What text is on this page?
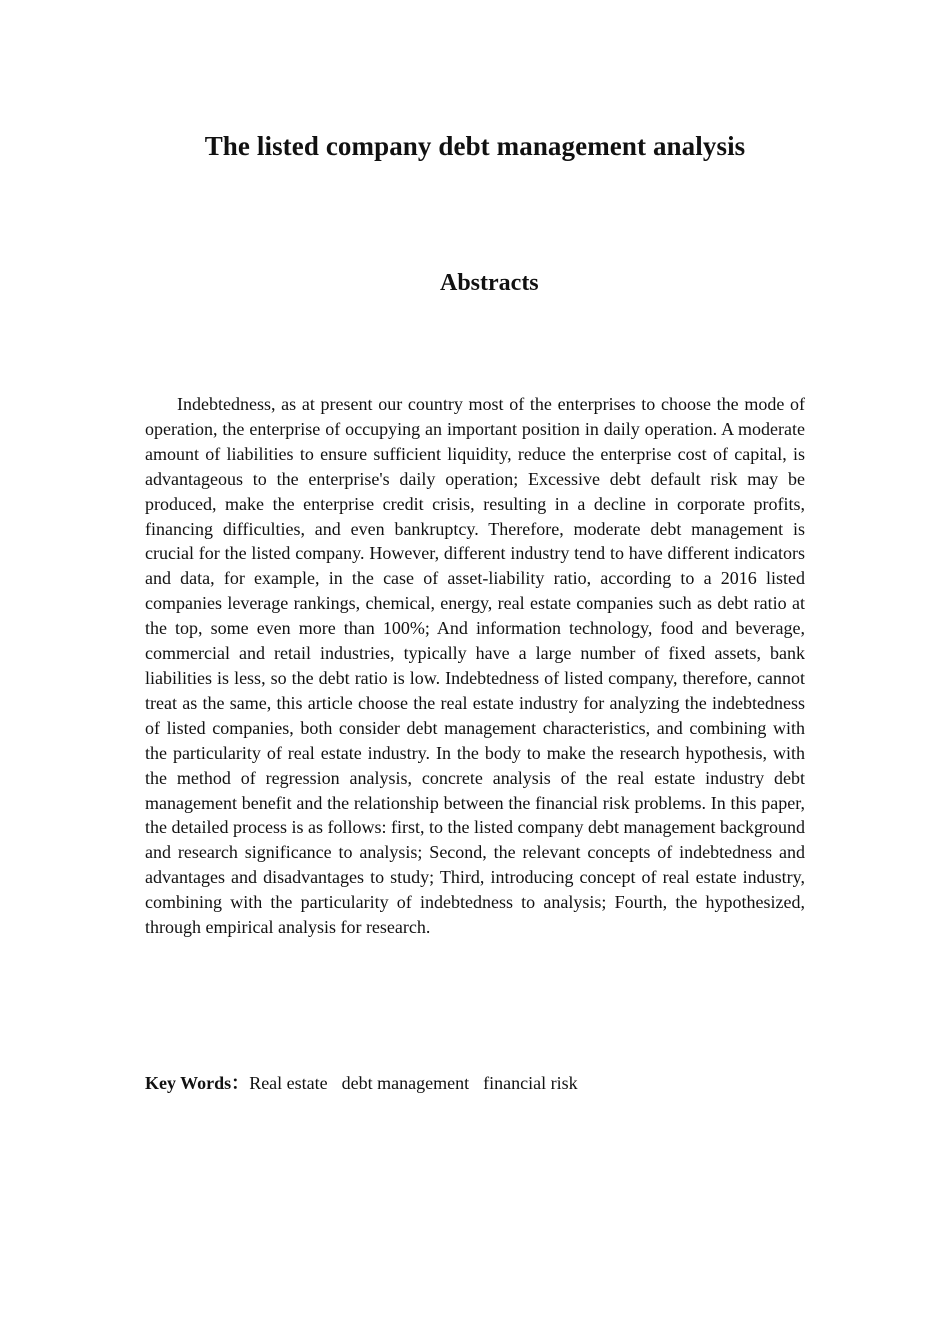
The listed company debt management analysis
Abstracts

Indebtedness, as at present our country most of the enterprises to choose the mode of operation, the enterprise of occupying an important position in daily operation. A moderate amount of liabilities to ensure sufficient liquidity, reduce the enterprise cost of capital, is advantageous to the enterprise's daily operation; Excessive debt default risk may be produced, make the enterprise credit crisis, resulting in a decline in corporate profits, financing difficulties, and even bankruptcy. Therefore, moderate debt management is crucial for the listed company. However, different industry tend to have different indicators and data, for example, in the case of asset-liability ratio, according to a 2016 listed companies leverage rankings, chemical, energy, real estate companies such as debt ratio at the top, some even more than 100%; And information technology, food and beverage, commercial and retail industries, typically have a large number of fixed assets, bank liabilities is less, so the debt ratio is low. Indebtedness of listed company, therefore, cannot treat as the same, this article choose the real estate industry for analyzing the indebtedness of listed companies, both consider debt management characteristics, and combining with the particularity of real estate industry. In the body to make the research hypothesis, with the method of regression analysis, concrete analysis of the real estate industry debt management benefit and the relationship between the financial risk problems. In this paper, the detailed process is as follows: first, to the listed company debt management background and research significance to analysis; Second, the relevant concepts of indebtedness and advantages and disadvantages to study; Third, introducing concept of real estate industry, combining with the particularity of indebtedness to analysis; Fourth, the hypothesized, through empirical analysis for research.

Key Words：Real estate debt management financial risk
